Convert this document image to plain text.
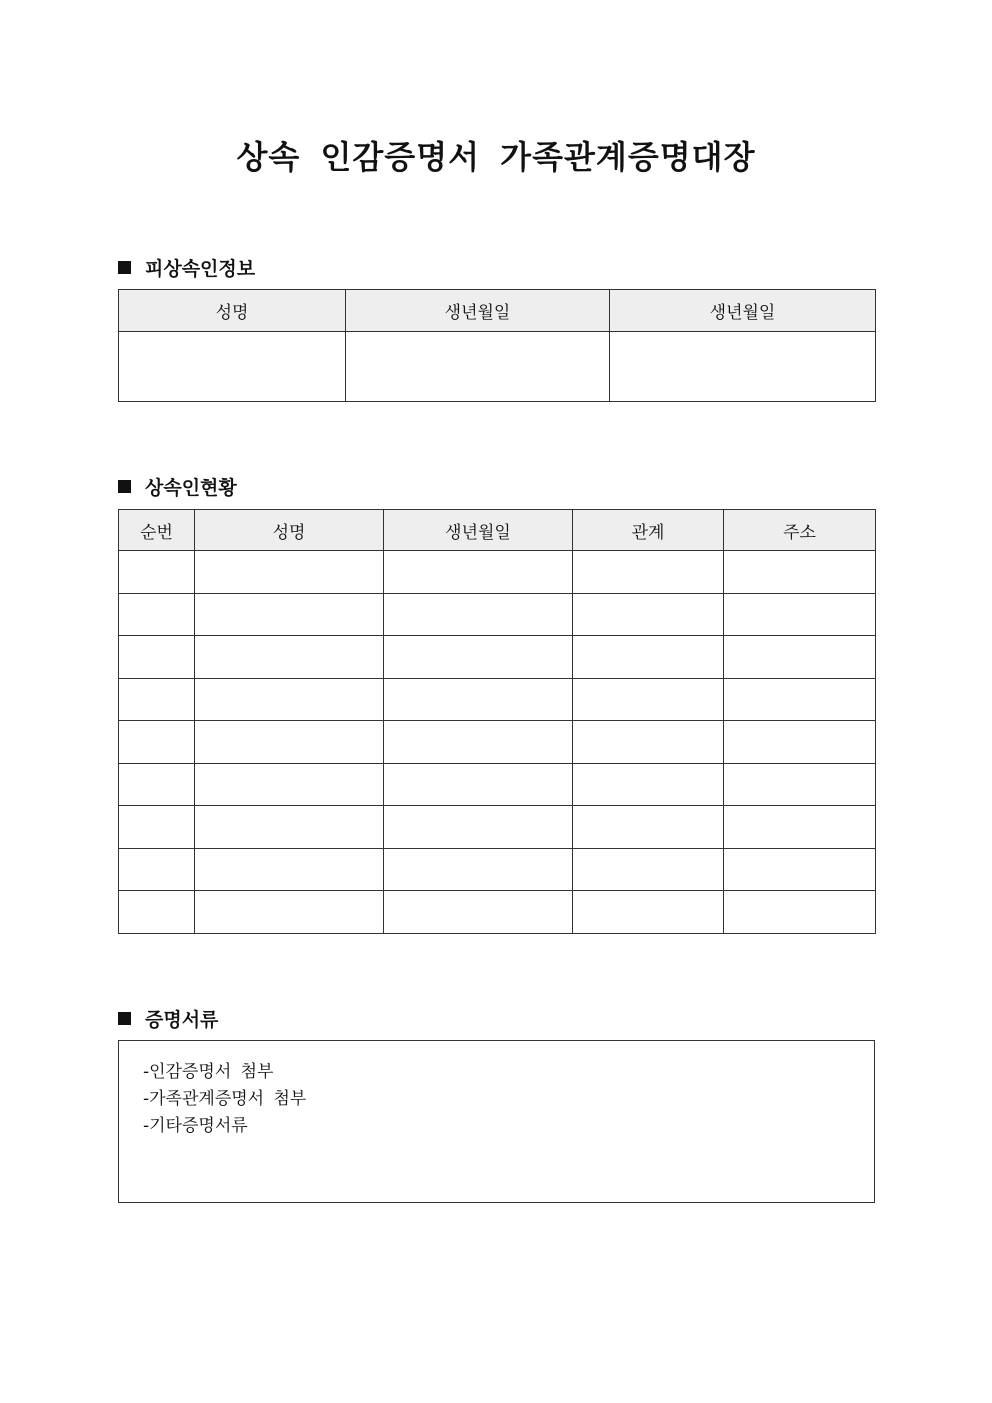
상속 인감증명서 가족관계증명대장
피상속인정보
성명	생년월일	생년월일

상속인현황
순번	성명	생년월일	관계	주소

증명서류
-인감증명서 첨부
-가족관계증명서 첨부
-기타증명서류
